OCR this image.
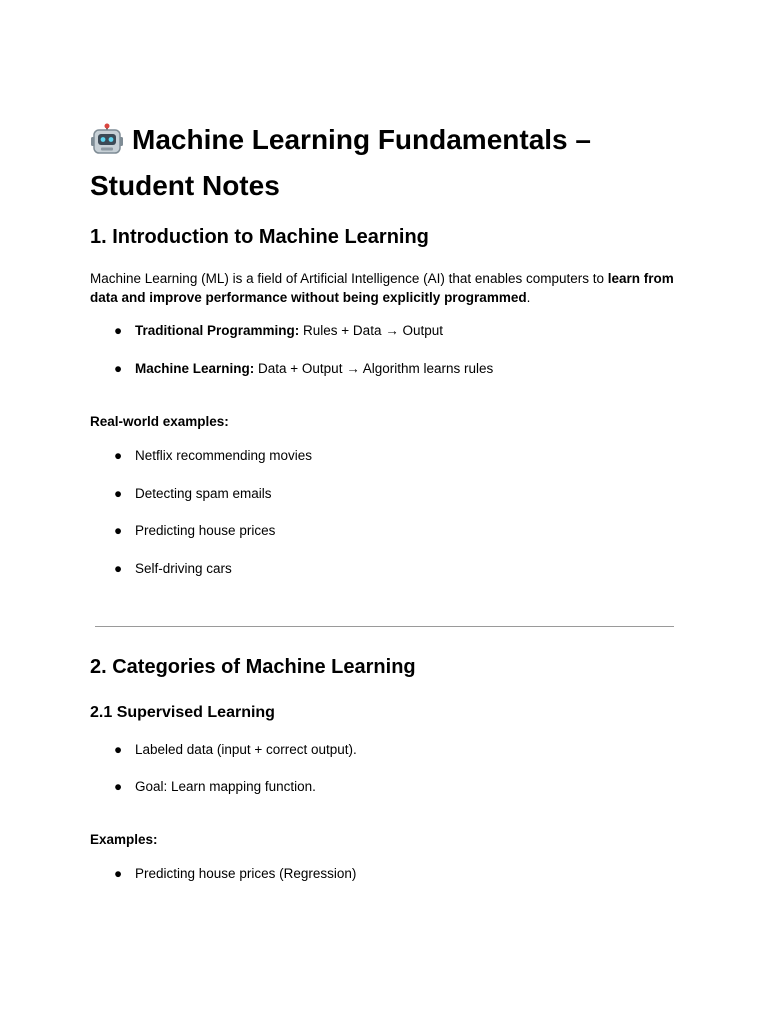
Machine Learning Fundamentals – Student Notes
1. Introduction to Machine Learning

Machine Learning (ML) is a field of Artificial Intelligence (AI) that enables computers to learn from data and improve performance without being explicitly programmed.

● Traditional Programming: Rules + Data → Output
● Machine Learning: Data + Output → Algorithm learns rules

Real-world examples:

● Netflix recommending movies
● Detecting spam emails
● Predicting house prices
● Self-driving cars
2. Categories of Machine Learning
2.1 Supervised Learning
● Labeled data (input + correct output).
● Goal: Learn mapping function.

Examples:

● Predicting house prices (Regression)
